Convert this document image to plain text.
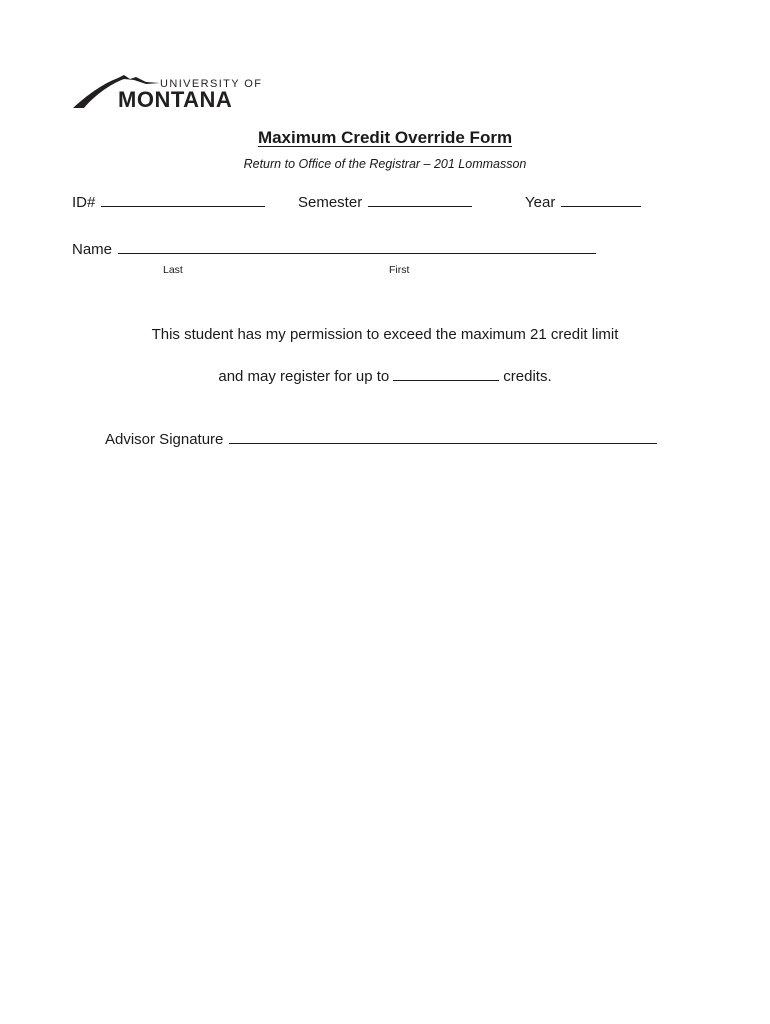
UNIVERSITY OF
MONTANA
Maximum Credit Override Form
Return to Office of the Registrar – 201 Lommasson
ID#	Semester	Year
Name
Last	First
This student has my permission to exceed the maximum 21 credit limit
and may register for up to	credits.
Advisor Signature
